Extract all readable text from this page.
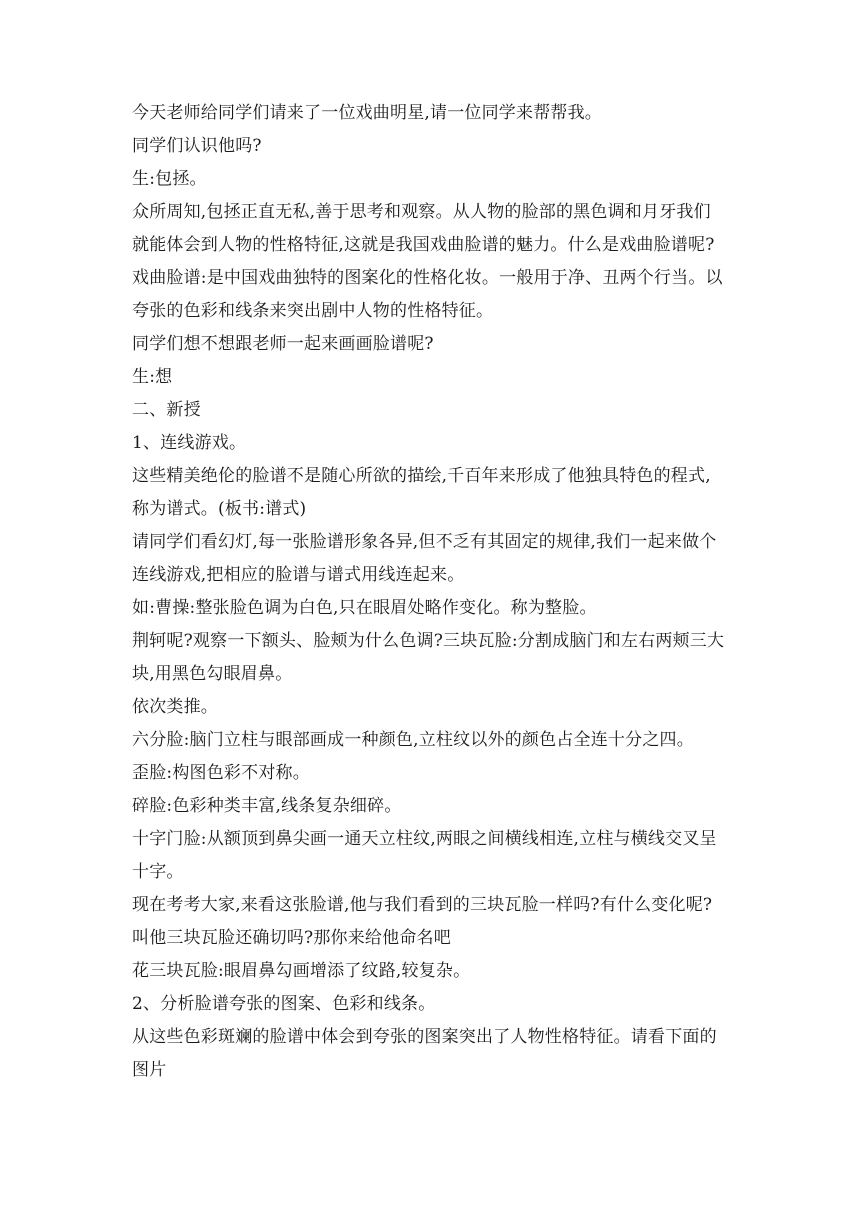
今天老师给同学们请来了一位戏曲明星,请一位同学来帮帮我。

同学们认识他吗?

生:包拯。

众所周知,包拯正直无私,善于思考和观察。从人物的脸部的黑色调和月牙我们
就能体会到人物的性格特征,这就是我国戏曲脸谱的魅力。什么是戏曲脸谱呢?

戏曲脸谱:是中国戏曲独特的图案化的性格化妆。一般用于净、丑两个行当。以
夸张的色彩和线条来突出剧中人物的性格特征。

同学们想不想跟老师一起来画画脸谱呢?

生:想

二、新授

1、连线游戏。

这些精美绝伦的脸谱不是随心所欲的描绘,千百年来形成了他独具特色的程式,
称为谱式。(板书:谱式)

请同学们看幻灯,每一张脸谱形象各异,但不乏有其固定的规律,我们一起来做个
连线游戏,把相应的脸谱与谱式用线连起来。

如:曹操:整张脸色调为白色,只在眼眉处略作变化。称为整脸。

荆轲呢?观察一下额头、脸颊为什么色调?三块瓦脸:分割成脑门和左右两颊三大
块,用黑色勾眼眉鼻。

依次类推。

六分脸:脑门立柱与眼部画成一种颜色,立柱纹以外的颜色占全连十分之四。

歪脸:构图色彩不对称。

碎脸:色彩种类丰富,线条复杂细碎。

十字门脸:从额顶到鼻尖画一通天立柱纹,两眼之间横线相连,立柱与横线交叉呈
十字。

现在考考大家,来看这张脸谱,他与我们看到的三块瓦脸一样吗?有什么变化呢?
叫他三块瓦脸还确切吗?那你来给他命名吧

花三块瓦脸:眼眉鼻勾画增添了纹路,较复杂。

2、分析脸谱夸张的图案、色彩和线条。

从这些色彩斑斓的脸谱中体会到夸张的图案突出了人物性格特征。请看下面的
图片
